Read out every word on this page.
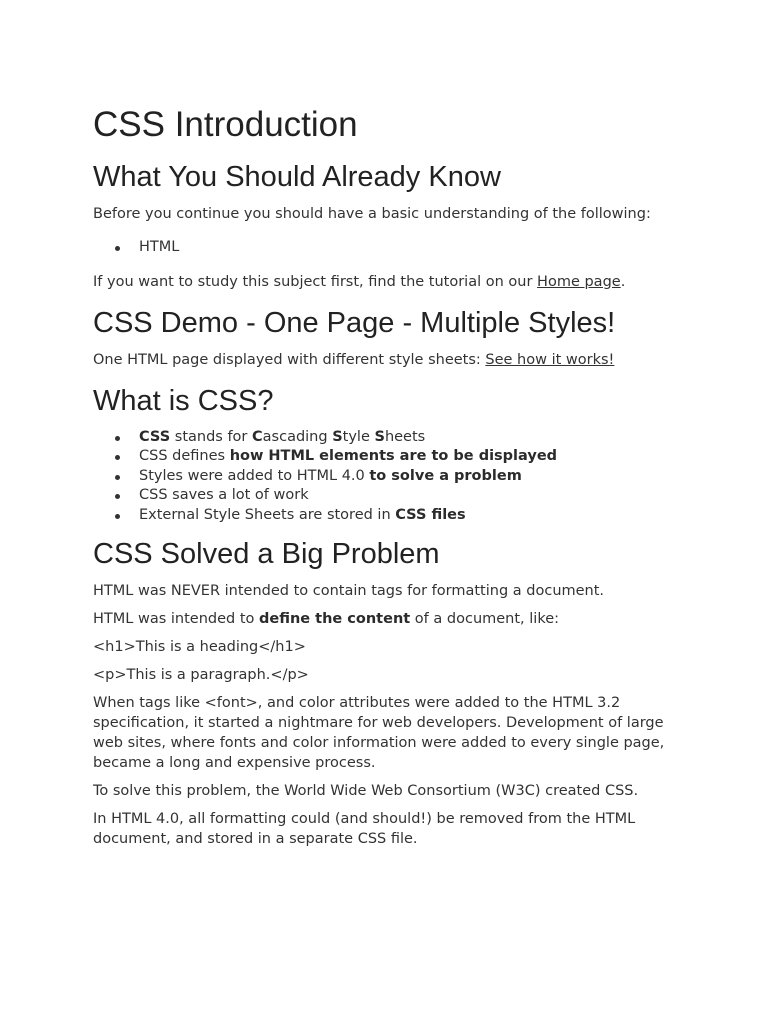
CSS Introduction
What You Should Already Know

Before you continue you should have a basic understanding of the following:

HTML

If you want to study this subject first, find the tutorial on our Home page.

CSS Demo - One Page - Multiple Styles!

One HTML page displayed with different style sheets: See how it works!

What is CSS?
CSS stands for Cascading Style Sheets
CSS defines how HTML elements are to be displayed
Styles were added to HTML 4.0 to solve a problem
CSS saves a lot of work
External Style Sheets are stored in CSS files
CSS Solved a Big Problem

HTML was NEVER intended to contain tags for formatting a document.

HTML was intended to define the content of a document, like:

<h1>This is a heading</h1>

<p>This is a paragraph.</p>

When tags like <font>, and color attributes were added to the HTML 3.2 specification, it started a nightmare for web developers. Development of large web sites, where fonts and color information were added to every single page, became a long and expensive process.

To solve this problem, the World Wide Web Consortium (W3C) created CSS.

In HTML 4.0, all formatting could (and should!) be removed from the HTML document, and stored in a separate CSS file.
